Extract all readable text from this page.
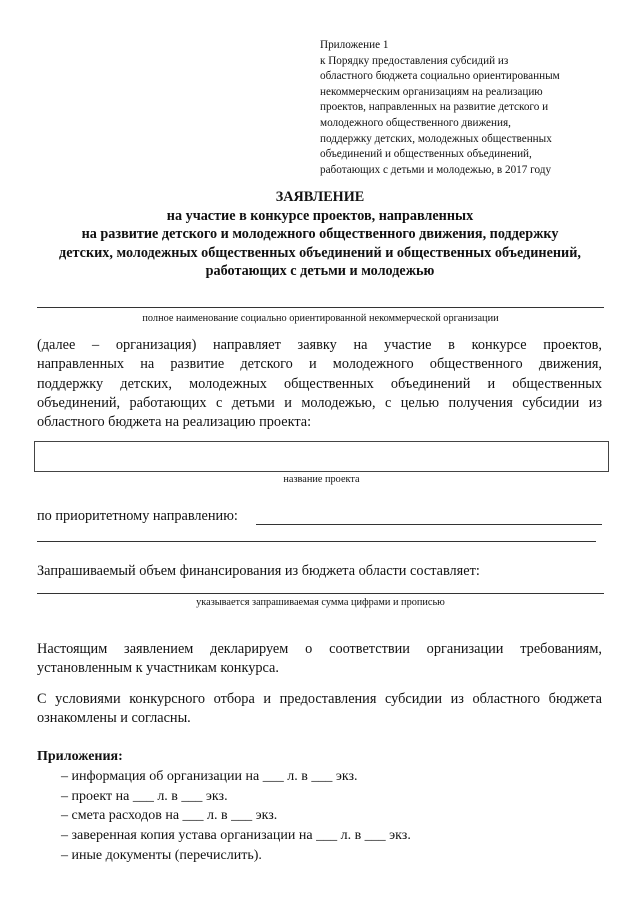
Приложение 1
к Порядку предоставления субсидий из
областного бюджета социально ориентированным
некоммерческим организациям на реализацию
проектов, направленных на развитие детского и
молодежного общественного движения,
поддержку детских, молодежных общественных
объединений и общественных объединений,
работающих с детьми и молодежью, в 2017 году
ЗАЯВЛЕНИЕ
на участие в конкурсе проектов, направленных
на развитие детского и молодежного общественного движения, поддержку
детских, молодежных общественных объединений и общественных объединений,
работающих с детьми и молодежью
полное наименование социально ориентированной некоммерческой организации
(далее – организация) направляет заявку на участие в конкурсе проектов,
направленных на развитие детского и молодежного общественного движения,
поддержку детских, молодежных общественных объединений и общественных
объединений, работающих с детьми и молодежью, с целью получения субсидии из
областного бюджета на реализацию проекта:
название проекта
по приоритетному направлению:
Запрашиваемый объем финансирования из бюджета области составляет:
указывается запрашиваемая сумма цифрами и прописью
Настоящим заявлением декларируем о соответствии организации требованиям,
установленным к участникам конкурса.
С условиями конкурсного отбора и предоставления субсидии из областного бюджета
ознакомлены и согласны.
Приложения:
– информация об организации на ___ л. в ___ экз.
– проект на ___ л. в ___ экз.
– смета расходов на ___ л. в ___ экз.
– заверенная копия устава организации на ___ л. в ___ экз.
– иные документы (перечислить).
